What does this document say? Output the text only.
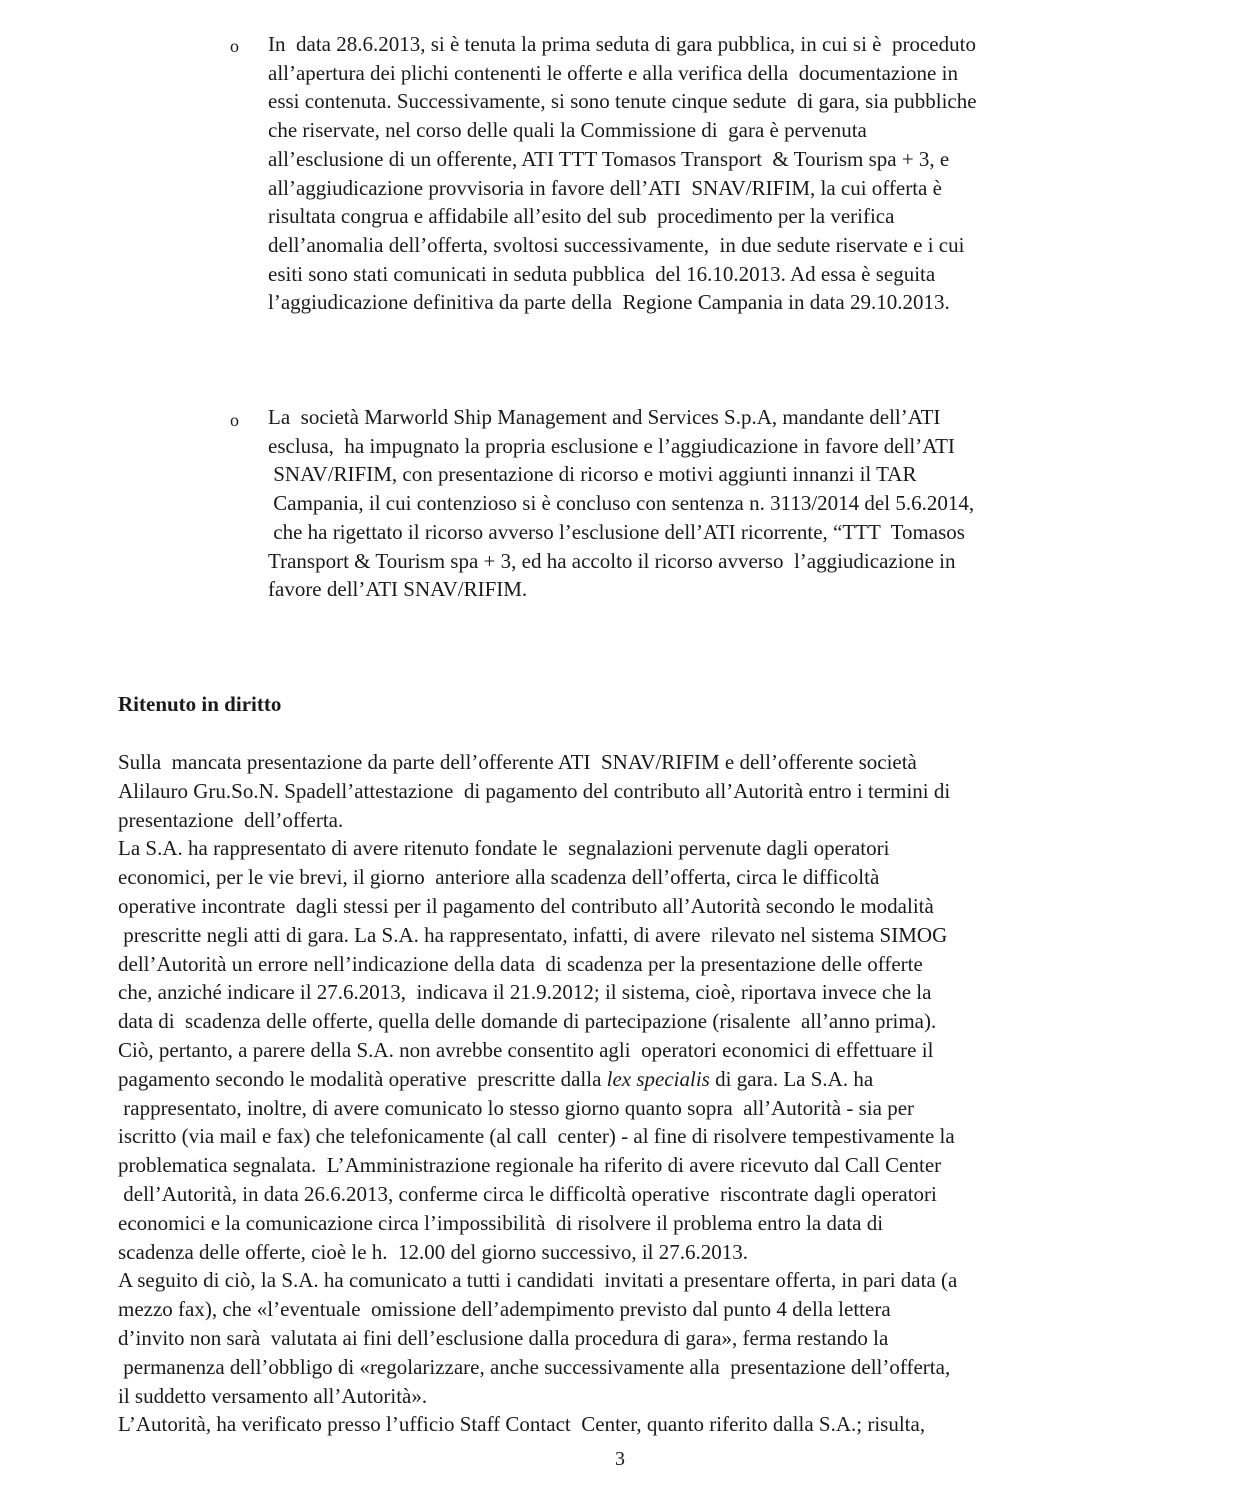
o In  data 28.6.2013, si è tenuta la prima seduta di gara pubblica, in cui si è  proceduto
all’apertura dei plichi contenenti le offerte e alla verifica della  documentazione in
essi contenuta. Successivamente, si sono tenute cinque sedute  di gara, sia pubbliche
che riservate, nel corso delle quali la Commissione di  gara è pervenuta
all’esclusione di un offerente, ATI TTT Tomasos Transport  & Tourism spa + 3, e
all’aggiudicazione provvisoria in favore dell’ATI  SNAV/RIFIM, la cui offerta è
risultata congrua e affidabile all’esito del sub  procedimento per la verifica
dell’anomalia dell’offerta, svoltosi successivamente,  in due sedute riservate e i cui
esiti sono stati comunicati in seduta pubblica  del 16.10.2013. Ad essa è seguita
l’aggiudicazione definitiva da parte della  Regione Campania in data 29.10.2013.
o La  società Marworld Ship Management and Services S.p.A, mandante dell’ATI
esclusa,  ha impugnato la propria esclusione e l’aggiudicazione in favore dell’ATI
SNAV/RIFIM, con presentazione di ricorso e motivi aggiunti innanzi il TAR
Campania, il cui contenzioso si è concluso con sentenza n. 3113/2014 del 5.6.2014,
che ha rigettato il ricorso avverso l’esclusione dell’ATI ricorrente, “TTT  Tomasos
Transport & Tourism spa + 3, ed ha accolto il ricorso avverso  l’aggiudicazione in
favore dell’ATI SNAV/RIFIM.
Ritenuto in diritto
Sulla  mancata presentazione da parte dell’offerente ATI  SNAV/RIFIM e dell’offerente società
Alilauro Gru.So.N. Spadell’attestazione  di pagamento del contributo all’Autorità entro i termini di
presentazione  dell’offerta.
La S.A. ha rappresentato di avere ritenuto fondate le  segnalazioni pervenute dagli operatori
economici, per le vie brevi, il giorno  anteriore alla scadenza dell’offerta, circa le difficoltà
operative incontrate  dagli stessi per il pagamento del contributo all’Autorità secondo le modalità
prescritte negli atti di gara. La S.A. ha rappresentato, infatti, di avere  rilevato nel sistema SIMOG
dell’Autorità un errore nell’indicazione della data  di scadenza per la presentazione delle offerte
che, anziché indicare il 27.6.2013,  indicava il 21.9.2012; il sistema, cioè, riportava invece che la
data di  scadenza delle offerte, quella delle domande di partecipazione (risalente  all’anno prima).
Ciò, pertanto, a parere della S.A. non avrebbe consentito agli  operatori economici di effettuare il
pagamento secondo le modalità operative  prescritte dalla lex specialis di gara. La S.A. ha
rappresentato, inoltre, di avere comunicato lo stesso giorno quanto sopra  all’Autorità - sia per
iscritto (via mail e fax) che telefonicamente (al call  center) - al fine di risolvere tempestivamente la
problematica segnalata.  L’Amministrazione regionale ha riferito di avere ricevuto dal Call Center
dell’Autorità, in data 26.6.2013, conferme circa le difficoltà operative  riscontrate dagli operatori
economici e la comunicazione circa l’impossibilità  di risolvere il problema entro la data di
scadenza delle offerte, cioè le h.  12.00 del giorno successivo, il 27.6.2013.
A seguito di ciò, la S.A. ha comunicato a tutti i candidati  invitati a presentare offerta, in pari data (a
mezzo fax), che «l’eventuale  omissione dell’adempimento previsto dal punto 4 della lettera
d’invito non sarà  valutata ai fini dell’esclusione dalla procedura di gara», ferma restando la
permanenza dell’obbligo di «regolarizzare, anche successivamente alla  presentazione dell’offerta,
il suddetto versamento all’Autorità».
L’Autorità, ha verificato presso l’ufficio Staff Contact  Center, quanto riferito dalla S.A.; risulta,
3
